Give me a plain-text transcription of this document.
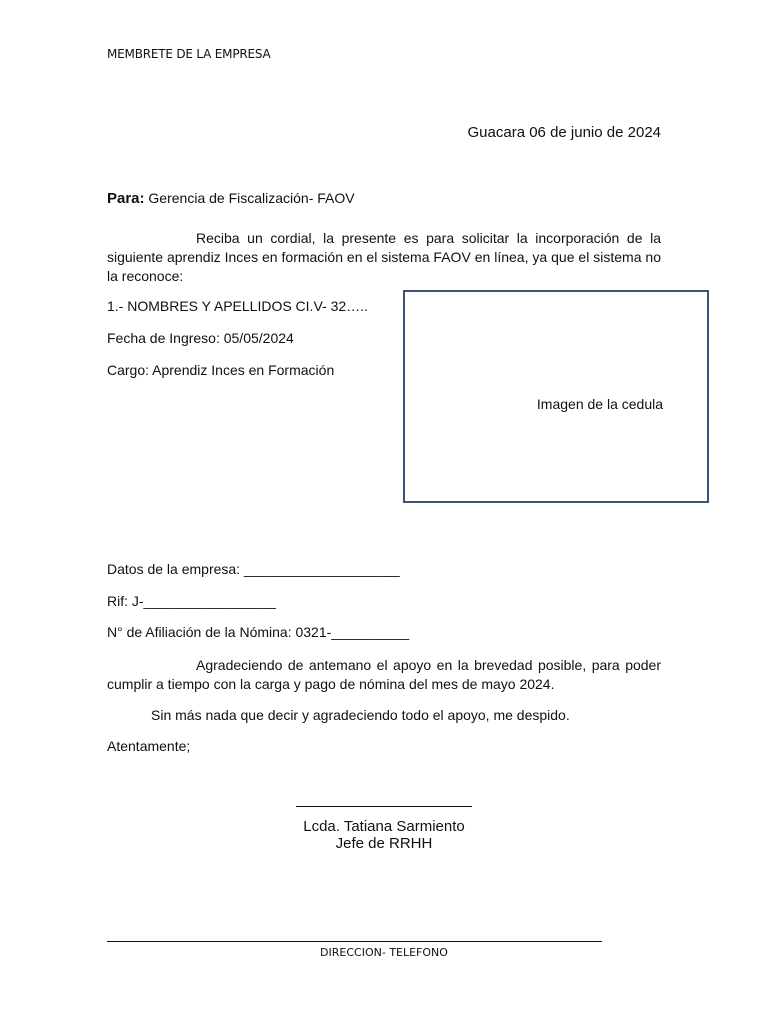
MEMBRETE DE LA EMPRESA
Guacara 06 de junio de 2024
Para: Gerencia de Fiscalización- FAOV
Reciba un cordial, la presente es para solicitar la incorporación de la siguiente aprendiz Inces en formación en el sistema FAOV en línea, ya que el sistema no la reconoce:
1.- NOMBRES Y APELLIDOS CI.V- 32…..
Fecha de Ingreso: 05/05/2024
Cargo: Aprendiz Inces en Formación
Imagen de la cedula
Datos de la empresa: ____________________
Rif: J-_________________
N° de Afiliación de la Nómina: 0321-__________
Agradeciendo de antemano el apoyo en la brevedad posible, para poder cumplir a tiempo con la carga y pago de nómina del mes de mayo 2024.
Sin más nada que decir y agradeciendo todo el apoyo, me despido.
Atentamente;
Lcda. Tatiana Sarmiento
Jefe de RRHH
DIRECCION- TELEFONO
